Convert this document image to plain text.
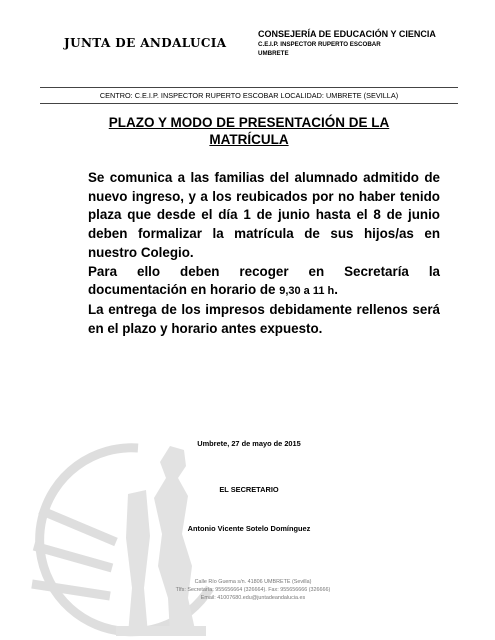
JUNTA DE ANDALUCIA
CONSEJERÍA DE EDUCACIÓN Y CIENCIA
C.E.I.P. INSPECTOR RUPERTO ESCOBAR
UMBRETE
CENTRO: C.E.I.P. INSPECTOR RUPERTO ESCOBAR LOCALIDAD: UMBRETE (SEVILLA)
PLAZO Y MODO DE PRESENTACIÓN DE LA
MATRÍCULA

Se comunica a las familias del alumnado admitido de nuevo ingreso, y a los reubicados por no haber tenido plaza que desde el día 1 de junio hasta el 8 de junio deben formalizar la matrícula de sus hijos/as en nuestro Colegio.

Para ello deben recoger en Secretaría la documentación en horario de 9,30 a 11 h.

La entrega de los impresos debidamente rellenos será en el plazo y horario antes expuesto.

Umbrete, 27 de mayo de 2015
EL SECRETARIO
Antonio Vicente Sotelo Domínguez
Calle Río Guema s/n. 41806 UMBRETE (Sevilla)
Tlfs: Secretaría: 955656664 (326664). Fax: 955656666 (326666)
Email: 41007680.edu@juntadeandalucia.es
